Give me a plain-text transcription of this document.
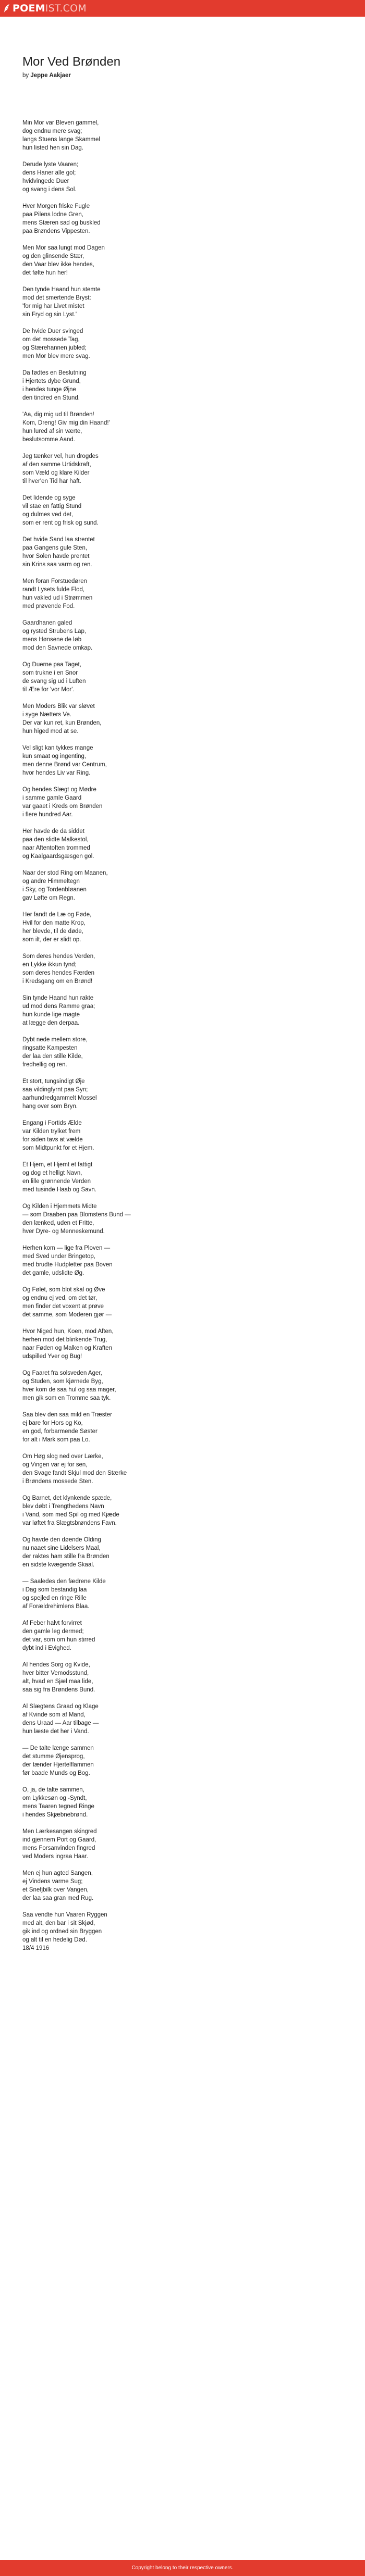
POEMIST.COM
Mor Ved Brønden
by Jeppe Aakjaer
Min Mor var Bleven gammel,
dog endnu mere svag;
langs Stuens lange Skammel
hun listed hen sin Dag.
Derude lyste Vaaren;
dens Haner alle gol;
hvidvingede Duer
og svang i dens Sol.
Hver Morgen friske Fugle
paa Pilens lodne Gren,
mens Stæren sad og buskled
paa Brøndens Vippesten.
Men Mor saa lungt mod Dagen
og den glinsende Stær,
den Vaar blev ikke hendes,
det følte hun her!
Den tynde Haand hun stemte
mod det smertende Bryst:
'for mig har Livet mistet
sin Fryd og sin Lyst.'
De hvide Duer svinged
om det mossede Tag,
og Stærehannen jubled;
men Mor blev mere svag.
Da fødtes en Beslutning
i Hjertets dybe Grund,
i hendes tunge Øjne
den tindred en Stund.
'Aa, dig mig ud til Brønden!
Kom, Dreng! Giv mig din Haand!'
hun lured af sin værte,
beslutsomme Aand.
Jeg tænker vel, hun drogdes
af den samme Urtidskraft,
som Væld og klare Kilder
til hver'en Tid har haft.
Det lidende og syge
vil stae en fattig Stund
og dulmes ved det,
som er rent og frisk og sund.
Det hvide Sand laa strentet
paa Gangens gule Sten,
hvor Solen havde prentet
sin Krins saa varm og ren.
Men foran Forstuedøren
randt Lysets fulde Flod,
hun vakled ud i Strømmen
med prøvende Fod.
Gaardhanen galed
og rysted Strubens Lap,
mens Hønsene de løb
mod den Savnede omkap.
Og Duerne paa Taget,
som trukne i en Snor
de svang sig ud i Luften
til Ære for 'vor Mor'.
Men Moders Blik var sløvet
i syge Nætters Ve.
Der var kun ret, kun Brønden,
hun higed mod at se.
Vel sligt kan tykkes mange
kun smaat og ingenting,
men denne Brønd var Centrum,
hvor hendes Liv var Ring.
Og hendes Slægt og Mødre
i samme gamle Gaard
var gaaet i Kreds om Brønden
i flere hundred Aar.
Her havde de da siddet
paa den slidte Malkestol,
naar Aftentoften trommed
og Kaalgaardsgæsgen gol.
Naar der stod Ring om Maanen,
og andre Himmeltegn
i Sky, og Tordenbløanen
gav Løfte om Regn.
Her fandt de Læ og Føde,
Hvil for den matte Krop,
her blevde, til de døde,
som ilt, der er slidt op.
Som deres hendes Verden,
en Lykke ikkun tynd;
som deres hendes Færden
i Kredsgang om en Brønd!
Sin tynde Haand hun rakte
ud mod dens Ramme graa;
hun kunde lige magte
at lægge den derpaa.
Dybt nede mellem store,
ringsatte Kampesten
der laa den stille Kilde,
fredhellig og ren.
Et stort, tungsindigt Øje
saa vildingfyrnt paa Syn;
aarhundredgammelt Mossel
hang over som Bryn.
Engang i Fortids Ælde
var Kilden trylket frem
for siden tavs at vælde
som Midtpunkt for et Hjem.
Et Hjem, et Hjemt et fattigt
og dog et helligt Navn,
en lille grønnende Verden
med tusinde Haab og Savn.
Og Kilden i Hjemmets Midte
— som Draaben paa Blomstens Bund —
den lænked, uden et Fritte,
hver Dyre- og Menneskemund.
Herhen kom — lige fra Ploven —
med Sved under Bringetop,
med brudte Hudpletter paa Boven
det gamle, udslidte Øg.
Og Følet, som blot skal og Øve
og endnu ej ved, om det tør,
men finder det voxent at prøve
det samme, som Moderen gjør —
Hvor Niged hun, Koen, mod Aften,
herhen mod det blinkende Trug,
naar Føden og Malken og Kraften
udspilled Yver og Bug!
Og Faaret fra solsveden Ager,
og Studen, som kjørnede Byg,
hver kom de saa hul og saa mager,
men gik som en Tromme saa tyk.
Saa blev den saa mild en Træster
ej bare for Hors og Ko,
en god, forbarmende Søster
for alt i Mark som paa Lo.
Om Høg slog ned over Lærke,
og Vingen var ej for sen,
den Svage fandt Skjul mod den Stærke
i Brøndens mossede Sten.
Og Barnet, det klynkende spæde,
blev døbt i Trengthedens Navn
i Vand, som med Spil og med Kjæde
var løftet fra Slægtsbrøndens Favn.
Og havde den døende Olding
nu naaet sine Lidelsers Maal,
der raktes ham stille fra Brønden
en sidste kvægende Skaal.
— Saaledes den fædrene Kilde
i Dag som bestandig laa
og spejled en ringe Rille
af Forældrehimlens Blaa.
Af Feber halvt forvirret
den gamle leg dermed;
det var, som om hun stirred
dybt ind i Evighed.
Al hendes Sorg og Kvide,
hver bitter Vemodsstund,
alt, hvad en Sjæl maa lide,
saa sig fra Brøndens Bund.
Al Slægtens Graad og Klage
af Kvinde som af Mand,
dens Uraad — Aar tilbage —
hun læste det her i Vand.
— De talte længe sammen
det stumme Øjensprog,
der tænder Hjertelflammen
før baade Munds og Bog.
O, ja, de talte sammen,
om Lykkesøn og -Syndt,
mens Taaren tegned Ringe
i hendes Skjæbnebrønd.
Men Lærkesangen skingred
ind gjennem Port og Gaard,
mens Forsanvinden fingred
ved Moders ingraa Haar.
Men ej hun agted Sangen,
ej Vindens varme Sug;
et Snefjbilk over Vangen,
der laa saa gran med Rug.
Saa vendte hun Vaaren Ryggen
med alt, den bar i sit Skjød,
gik ind og ordned sin Bryggen
og alt til en hedelig Død.
18/4 1916
Copyright belong to their respective owners.
